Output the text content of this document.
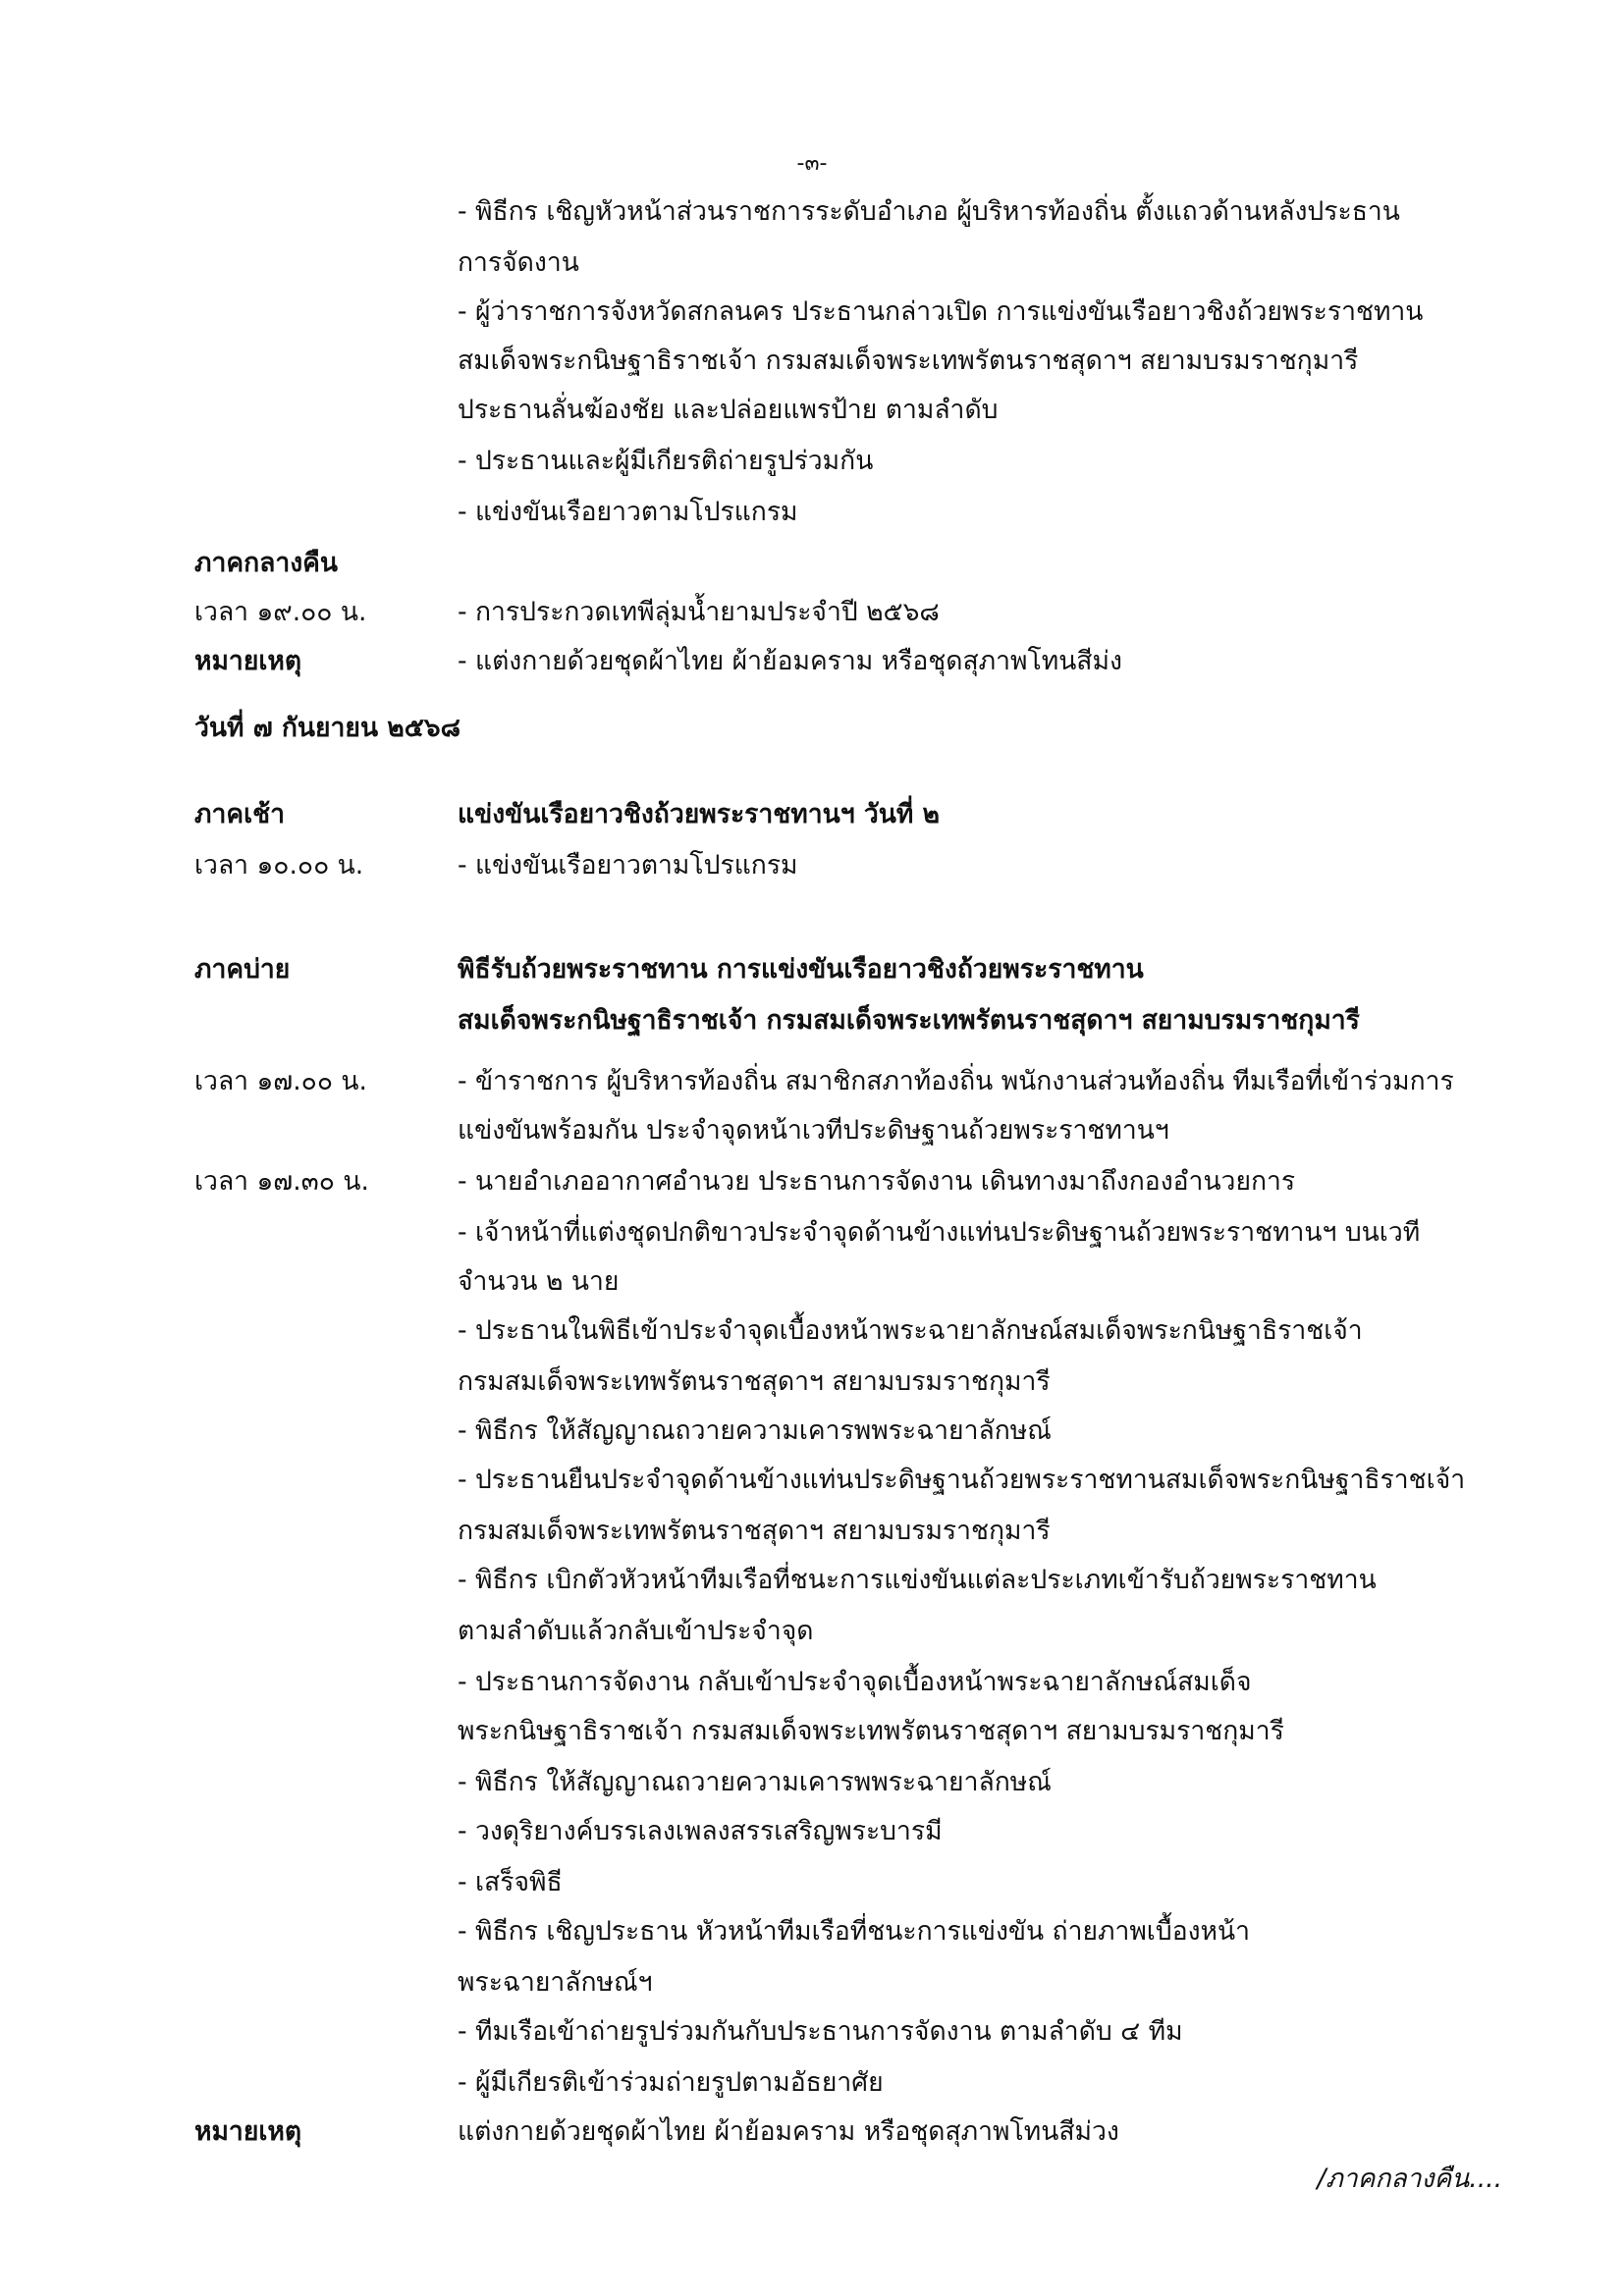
-๓-
- พิธีกร เชิญหัวหน้าส่วนราชการระดับอำเภอ ผู้บริหารท้องถิ่น ตั้งแถวด้านหลังประธาน
การจัดงาน
- ผู้ว่าราชการจังหวัดสกลนคร ประธานกล่าวเปิด การแข่งขันเรือยาวชิงถ้วยพระราชทาน
สมเด็จพระกนิษฐาธิราชเจ้า กรมสมเด็จพระเทพรัตนราชสุดาฯ สยามบรมราชกุมารี
ประธานลั่นฆ้องชัย และปล่อยแพรป้าย ตามลำดับ
- ประธานและผู้มีเกียรติถ่ายรูปร่วมกัน
- แข่งขันเรือยาวตามโปรแกรม
ภาคกลางคืน
เวลา ๑๙.๐๐ น.	- การประกวดเทพีลุ่มน้ำยามประจำปี ๒๕๖๘
หมายเหตุ	- แต่งกายด้วยชุดผ้าไทย ผ้าย้อมคราม หรือชุดสุภาพโทนสีม่ง
วันที่ ๗ กันยายน ๒๕๖๘
ภาคเช้า	แข่งขันเรือยาวชิงถ้วยพระราชทานฯ วันที่ ๒
เวลา ๑๐.๐๐ น.	- แข่งขันเรือยาวตามโปรแกรม
ภาคบ่าย	พิธีรับถ้วยพระราชทาน การแข่งขันเรือยาวชิงถ้วยพระราชทาน
สมเด็จพระกนิษฐาธิราชเจ้า กรมสมเด็จพระเทพรัตนราชสุดาฯ สยามบรมราชกุมารี
เวลา ๑๗.๐๐ น.	- ข้าราชการ ผู้บริหารท้องถิ่น สมาชิกสภาท้องถิ่น พนักงานส่วนท้องถิ่น ทีมเรือที่เข้าร่วมการ
แข่งขันพร้อมกัน ประจำจุดหน้าเวทีประดิษฐานถ้วยพระราชทานฯ
เวลา ๑๗.๓๐ น.	- นายอำเภออากาศอำนวย ประธานการจัดงาน เดินทางมาถึงกองอำนวยการ
- เจ้าหน้าที่แต่งชุดปกติขาวประจำจุดด้านข้างแท่นประดิษฐานถ้วยพระราชทานฯ บนเวที
จำนวน ๒ นาย
- ประธานในพิธีเข้าประจำจุดเบื้องหน้าพระฉายาลักษณ์สมเด็จพระกนิษฐาธิราชเจ้า
กรมสมเด็จพระเทพรัตนราชสุดาฯ สยามบรมราชกุมารี
- พิธีกร ให้สัญญาณถวายความเคารพพระฉายาลักษณ์
- ประธานยืนประจำจุดด้านข้างแท่นประดิษฐานถ้วยพระราชทานสมเด็จพระกนิษฐาธิราชเจ้า
กรมสมเด็จพระเทพรัตนราชสุดาฯ สยามบรมราชกุมารี
- พิธีกร เบิกตัวหัวหน้าทีมเรือที่ชนะการแข่งขันแต่ละประเภทเข้ารับถ้วยพระราชทาน
ตามลำดับแล้วกลับเข้าประจำจุด
- ประธานการจัดงาน กลับเข้าประจำจุดเบื้องหน้าพระฉายาลักษณ์สมเด็จ
พระกนิษฐาธิราชเจ้า กรมสมเด็จพระเทพรัตนราชสุดาฯ สยามบรมราชกุมารี
- พิธีกร ให้สัญญาณถวายความเคารพพระฉายาลักษณ์
- วงดุริยางค์บรรเลงเพลงสรรเสริญพระบารมี
- เสร็จพิธี
- พิธีกร เชิญประธาน หัวหน้าทีมเรือที่ชนะการแข่งขัน ถ่ายภาพเบื้องหน้า
พระฉายาลักษณ์ฯ
- ทีมเรือเข้าถ่ายรูปร่วมกันกับประธานการจัดงาน ตามลำดับ ๔ ทีม
- ผู้มีเกียรติเข้าร่วมถ่ายรูปตามอัธยาศัย
หมายเหตุ	แต่งกายด้วยชุดผ้าไทย ผ้าย้อมคราม หรือชุดสุภาพโทนสีม่วง
/ภาคกลางคืน....
